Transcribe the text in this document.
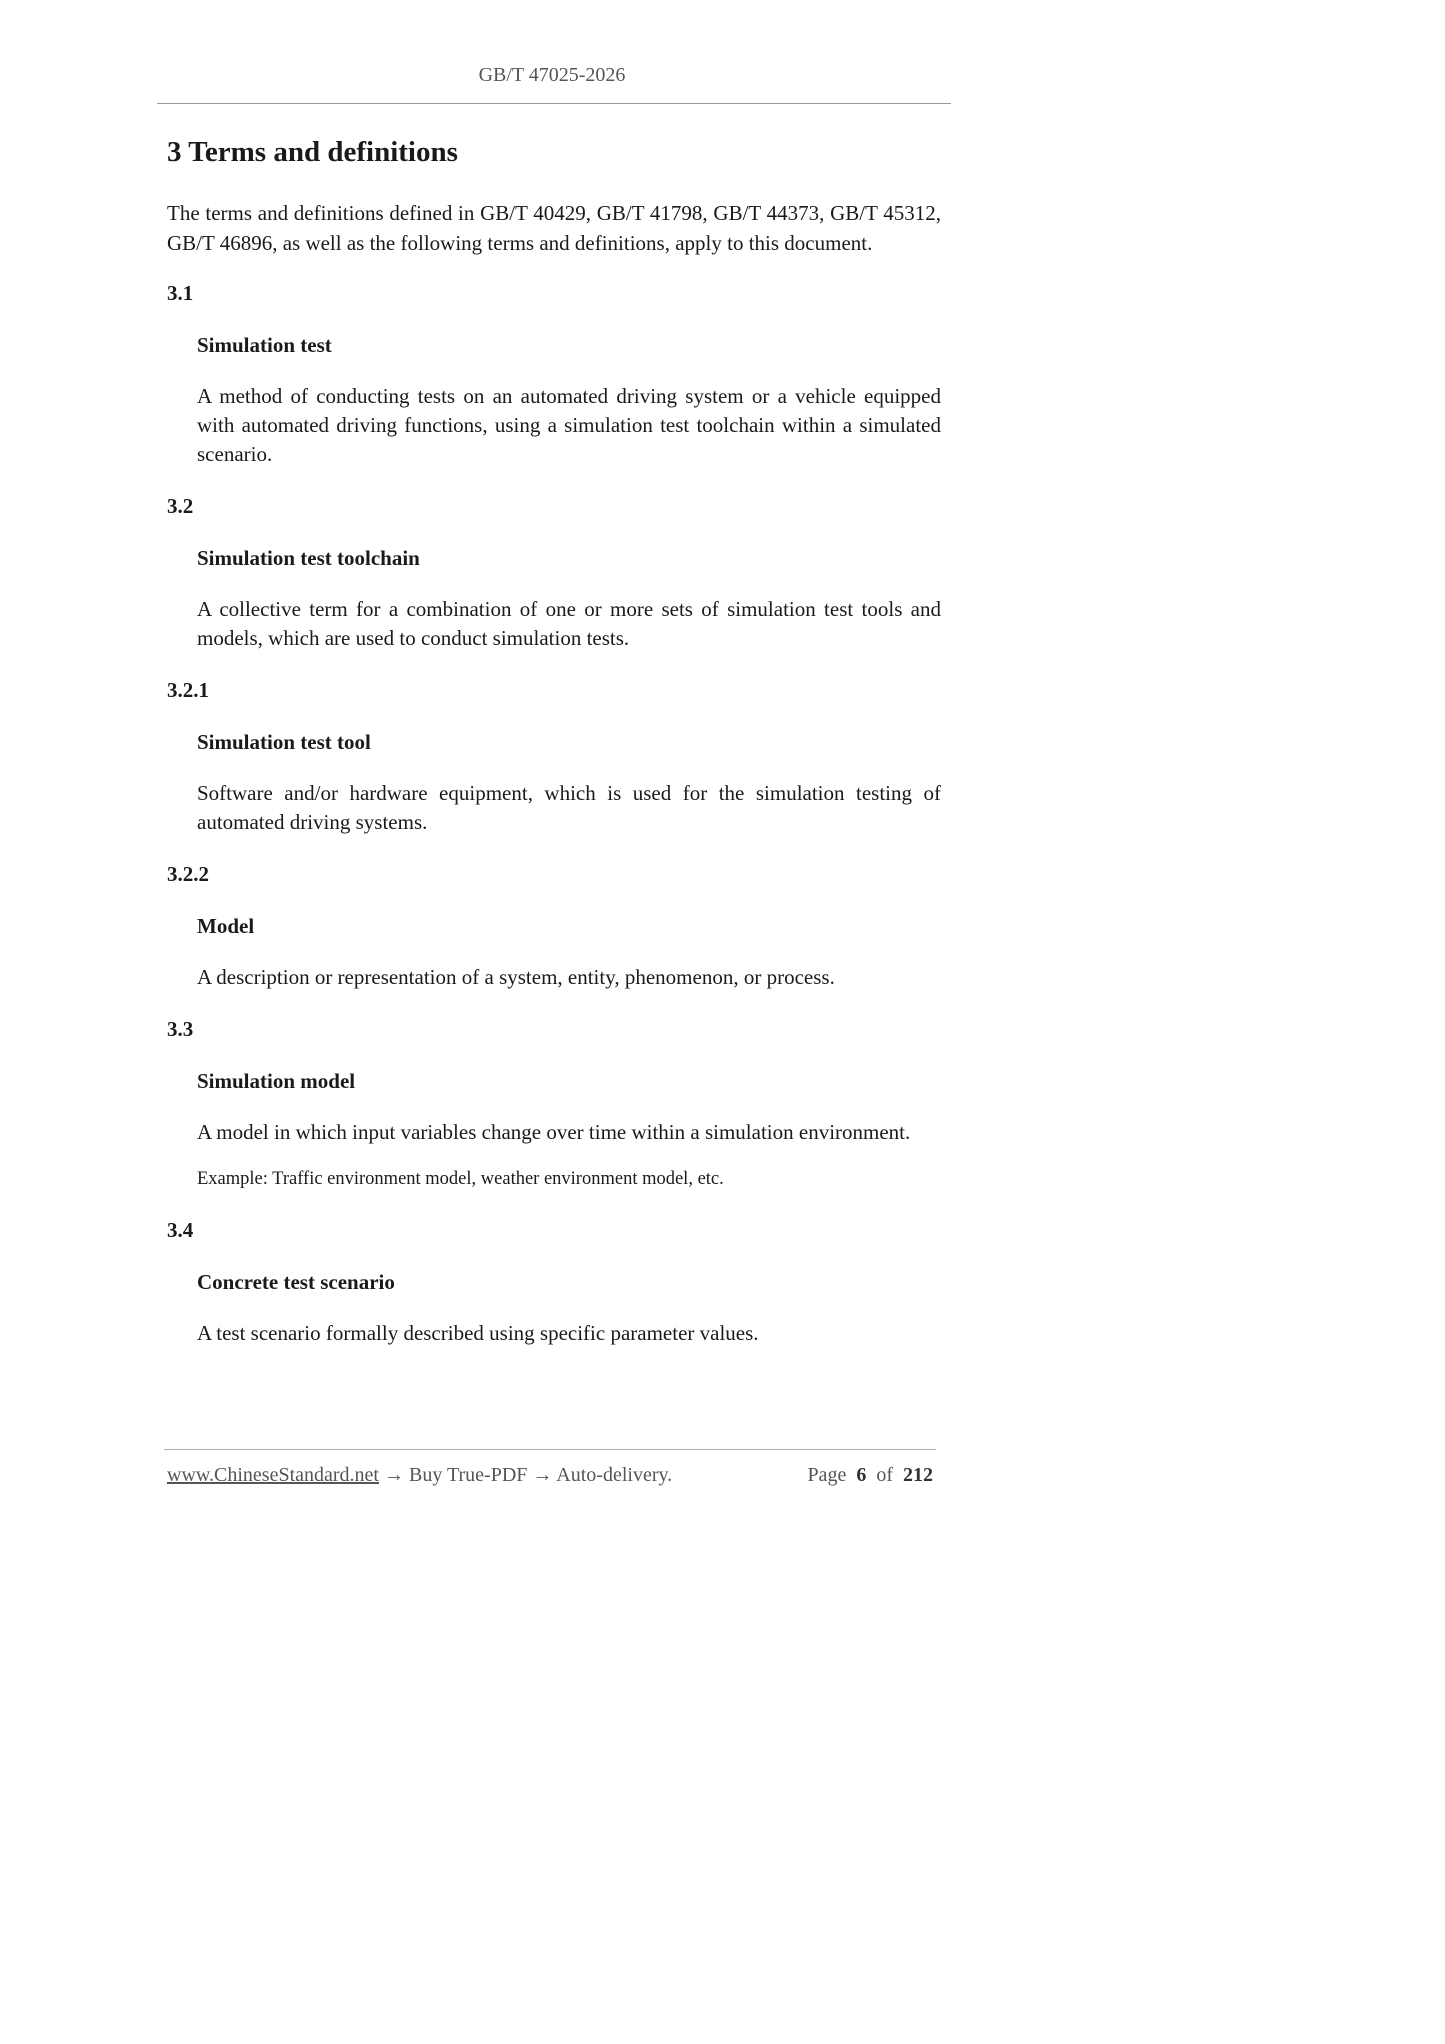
GB/T 47025-2026
3 Terms and definitions

The terms and definitions defined in GB/T 40429, GB/T 41798, GB/T 44373, GB/T 45312, GB/T 46896, as well as the following terms and definitions, apply to this document.

3.1
Simulation test

A method of conducting tests on an automated driving system or a vehicle equipped with automated driving functions, using a simulation test toolchain within a simulated scenario.

3.2
Simulation test toolchain

A collective term for a combination of one or more sets of simulation test tools and models, which are used to conduct simulation tests.

3.2.1
Simulation test tool

Software and/or hardware equipment, which is used for the simulation testing of automated driving systems.

3.2.2
Model

A description or representation of a system, entity, phenomenon, or process.

3.3
Simulation model

A model in which input variables change over time within a simulation environment.

Example: Traffic environment model, weather environment model, etc.

3.4
Concrete test scenario

A test scenario formally described using specific parameter values.

www.ChineseStandard.net → Buy True-PDF → Auto-delivery.	Page 6 of 212
